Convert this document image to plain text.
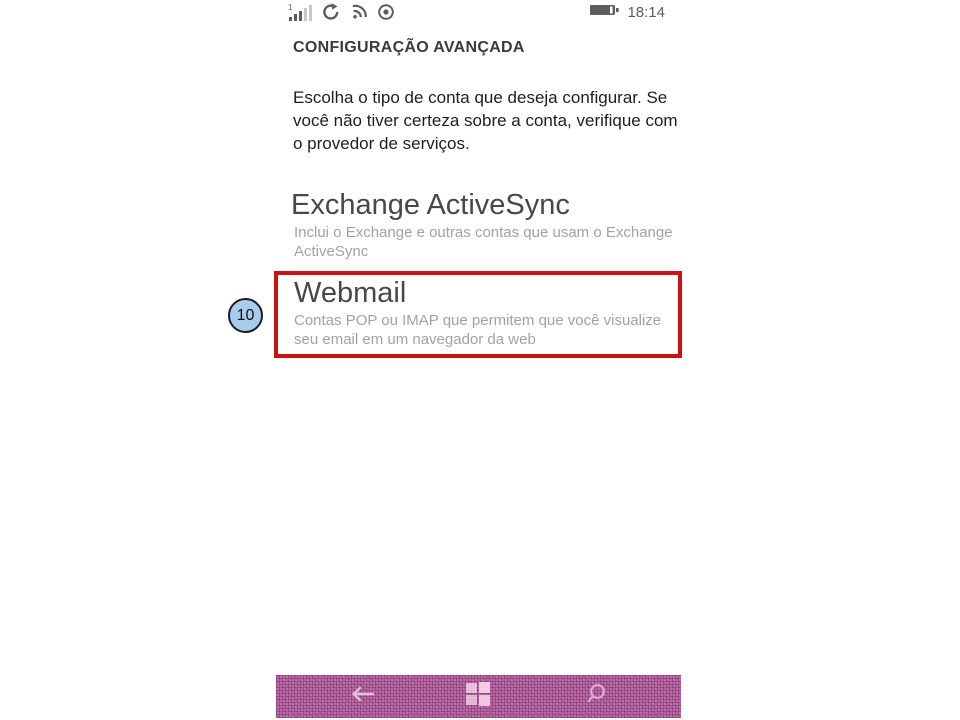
1	18:14
CONFIGURAÇÃO AVANÇADA
Escolha o tipo de conta que deseja configurar. Se você não tiver certeza sobre a conta, verifique com o provedor de serviços.
Exchange ActiveSync
Inclui o Exchange e outras contas que usam o Exchange ActiveSync
Webmail
Contas POP ou IMAP que permitem que você visualize seu email em um navegador da web
10
